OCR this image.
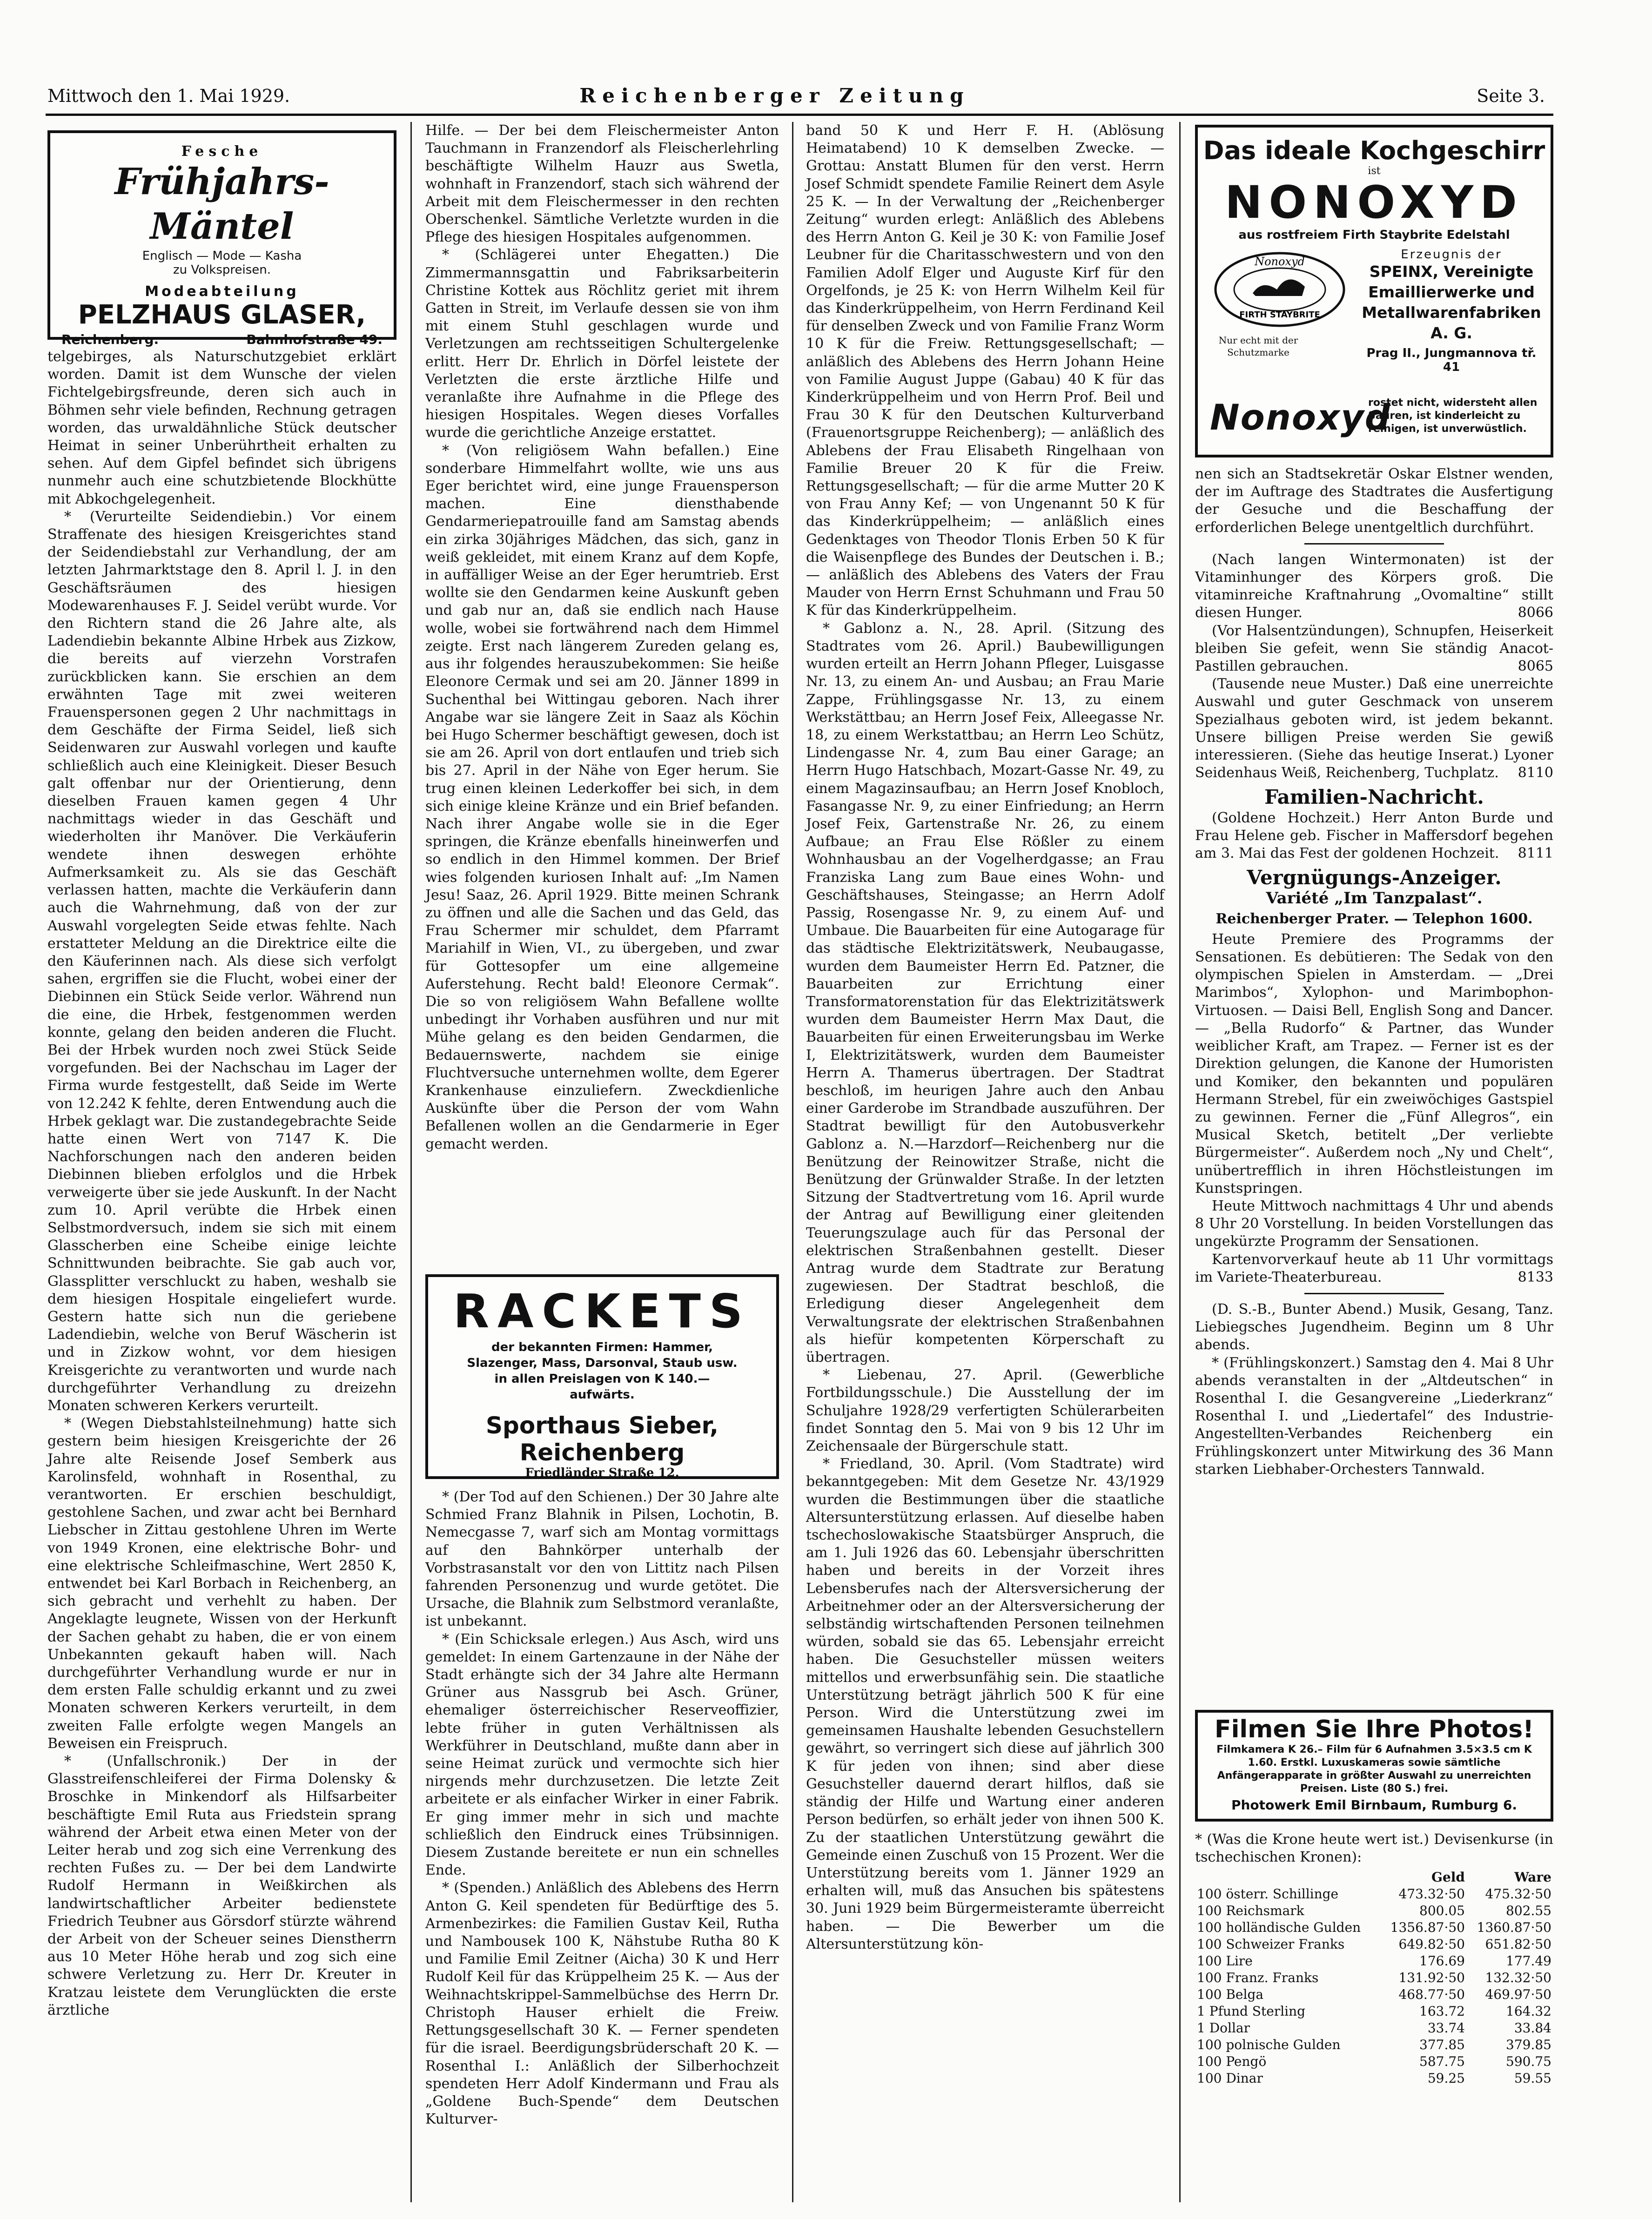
Mittwoch den 1. Mai 1929.	Reichenberger Zeitung	Seite 3.
Fesche
Frühjahrs-Mäntel
Englisch — Mode — Kasha
zu Volkspreisen.
Modeabteilung
PELZHAUS GLASER,
Reichenberg.	Bahnhofstraße 49.
RACKETS
der bekannten Firmen: Hammer, Slazenger, Mass, Darsonval, Staub usw. in allen Preislagen von K 140.— aufwärts.
Sporthaus Sieber, Reichenberg
Friedländer Straße 12.
Das ideale Kochgeschirr
ist
NONOXYD
aus rostfreiem Firth Staybrite Edelstahl
Nonoxyd
FIRTH STAYBRITE
Erzeugnis der
SPEINX, Vereinigte Emaillierwerke und Metallwarenfabriken A. G.
Prag II., Jungmannova tř. 41
Nur echt mit der Schutzmarke
Nonoxyd
rostet nicht, widersteht allen Säuren, ist kinderleicht zu reinigen, ist unverwüstlich.

telgebirges, als Naturschutzgebiet erklärt worden. Damit ist dem Wunsche der vielen Fichtelgebirgsfreunde, deren sich auch in Böhmen sehr viele befinden, Rechnung getragen worden, das urwaldähnliche Stück deutscher Heimat in seiner Unberührtheit erhalten zu sehen. Auf dem Gipfel befindet sich übrigens nunmehr auch eine schutzbietende Blockhütte mit Abkochgelegenheit.

* (Verurteilte Seidendiebin.) Vor einem Straffenate des hiesigen Kreisgerichtes stand der Seidendiebstahl zur Verhandlung, der am letzten Jahrmarktstage den 8. April l. J. in den Geschäftsräumen des hiesigen Modewarenhauses F. J. Seidel verübt wurde. Vor den Richtern stand die 26 Jahre alte, als Ladendiebin bekannte Albine Hrbek aus Zizkow, die bereits auf vierzehn Vorstrafen zurückblicken kann. Sie erschien an dem erwähnten Tage mit zwei weiteren Frauenspersonen gegen 2 Uhr nachmittags in dem Geschäfte der Firma Seidel, ließ sich Seidenwaren zur Auswahl vorlegen und kaufte schließlich auch eine Kleinigkeit. Dieser Besuch galt offenbar nur der Orientierung, denn dieselben Frauen kamen gegen 4 Uhr nachmittags wieder in das Geschäft und wiederholten ihr Manöver. Die Verkäuferin wendete ihnen deswegen erhöhte Aufmerksamkeit zu. Als sie das Geschäft verlassen hatten, machte die Verkäuferin dann auch die Wahrnehmung, daß von der zur Auswahl vorgelegten Seide etwas fehlte. Nach erstatteter Meldung an die Direktrice eilte die den Käuferinnen nach. Als diese sich verfolgt sahen, ergriffen sie die Flucht, wobei einer der Diebinnen ein Stück Seide verlor. Während nun die eine, die Hrbek, festgenommen werden konnte, gelang den beiden anderen die Flucht. Bei der Hrbek wurden noch zwei Stück Seide vorgefunden. Bei der Nachschau im Lager der Firma wurde festgestellt, daß Seide im Werte von 12.242 K fehlte, deren Entwendung auch die Hrbek geklagt war. Die zustandegebrachte Seide hatte einen Wert von 7147 K. Die Nachforschungen nach den anderen beiden Diebinnen blieben erfolglos und die Hrbek verweigerte über sie jede Auskunft. In der Nacht zum 10. April verübte die Hrbek einen Selbstmordversuch, indem sie sich mit einem Glasscherben eine Scheibe einige leichte Schnittwunden beibrachte. Sie gab auch vor, Glassplitter verschluckt zu haben, weshalb sie dem hiesigen Hospitale eingeliefert wurde. Gestern hatte sich nun die geriebene Ladendiebin, welche von Beruf Wäscherin ist und in Zizkow wohnt, vor dem hiesigen Kreisgerichte zu verantworten und wurde nach durchgeführter Verhandlung zu dreizehn Monaten schweren Kerkers verurteilt.

* (Wegen Diebstahlsteilnehmung) hatte sich gestern beim hiesigen Kreisgerichte der 26 Jahre alte Reisende Josef Semberk aus Karolinsfeld, wohnhaft in Rosenthal, zu verantworten. Er erschien beschuldigt, gestohlene Sachen, und zwar acht bei Bernhard Liebscher in Zittau gestohlene Uhren im Werte von 1949 Kronen, eine elektrische Bohr- und eine elektrische Schleifmaschine, Wert 2850 K, entwendet bei Karl Borbach in Reichenberg, an sich gebracht und verhehlt zu haben. Der Angeklagte leugnete, Wissen von der Herkunft der Sachen gehabt zu haben, die er von einem Unbekannten gekauft haben will. Nach durchgeführter Verhandlung wurde er nur in dem ersten Falle schuldig erkannt und zu zwei Monaten schweren Kerkers verurteilt, in dem zweiten Falle erfolgte wegen Mangels an Beweisen ein Freispruch.

* (Unfallschronik.) Der in der Glasstreifenschleiferei der Firma Dolensky & Broschke in Minkendorf als Hilfsarbeiter beschäftigte Emil Ruta aus Friedstein sprang während der Arbeit etwa einen Meter von der Leiter herab und zog sich eine Verrenkung des rechten Fußes zu. — Der bei dem Landwirte Rudolf Hermann in Weißkirchen als landwirtschaftlicher Arbeiter bedienstete Friedrich Teubner aus Görsdorf stürzte während der Arbeit von der Scheuer seines Dienstherrn aus 10 Meter Höhe herab und zog sich eine schwere Verletzung zu. Herr Dr. Kreuter in Kratzau leistete dem Verunglückten die erste ärztliche

Hilfe. — Der bei dem Fleischermeister Anton Tauchmann in Franzendorf als Fleischerlehrling beschäftigte Wilhelm Hauzr aus Swetla, wohnhaft in Franzendorf, stach sich während der Arbeit mit dem Fleischermesser in den rechten Oberschenkel. Sämtliche Verletzte wurden in die Pflege des hiesigen Hospitales aufgenommen.

* (Schlägerei unter Ehegatten.) Die Zimmermannsgattin und Fabriksarbeiterin Christine Kottek aus Röchlitz geriet mit ihrem Gatten in Streit, im Verlaufe dessen sie von ihm mit einem Stuhl geschlagen wurde und Verletzungen am rechtsseitigen Schultergelenke erlitt. Herr Dr. Ehrlich in Dörfel leistete der Verletzten die erste ärztliche Hilfe und veranlaßte ihre Aufnahme in die Pflege des hiesigen Hospitales. Wegen dieses Vorfalles wurde die gerichtliche Anzeige erstattet.

* (Von religiösem Wahn befallen.) Eine sonderbare Himmelfahrt wollte, wie uns aus Eger berichtet wird, eine junge Frauensperson machen. Eine diensthabende Gendarmeriepatrouille fand am Samstag abends ein zirka 30jähriges Mädchen, das sich, ganz in weiß gekleidet, mit einem Kranz auf dem Kopfe, in auffälliger Weise an der Eger herumtrieb. Erst wollte sie den Gendarmen keine Auskunft geben und gab nur an, daß sie endlich nach Hause wolle, wobei sie fortwährend nach dem Himmel zeigte. Erst nach längerem Zureden gelang es, aus ihr folgendes herauszubekommen: Sie heiße Eleonore Cermak und sei am 20. Jänner 1899 in Suchenthal bei Wittingau geboren. Nach ihrer Angabe war sie längere Zeit in Saaz als Köchin bei Hugo Schermer beschäftigt gewesen, doch ist sie am 26. April von dort entlaufen und trieb sich bis 27. April in der Nähe von Eger herum. Sie trug einen kleinen Lederkoffer bei sich, in dem sich einige kleine Kränze und ein Brief befanden. Nach ihrer Angabe wolle sie in die Eger springen, die Kränze ebenfalls hineinwerfen und so endlich in den Himmel kommen. Der Brief wies folgenden kuriosen Inhalt auf: „Im Namen Jesu! Saaz, 26. April 1929. Bitte meinen Schrank zu öffnen und alle die Sachen und das Geld, das Frau Schermer mir schuldet, dem Pfarramt Mariahilf in Wien, VI., zu übergeben, und zwar für Gottesopfer um eine allgemeine Auferstehung. Recht bald! Eleonore Cermak“. Die so von religiösem Wahn Befallene wollte unbedingt ihr Vorhaben ausführen und nur mit Mühe gelang es den beiden Gendarmen, die Bedauernswerte, nachdem sie einige Fluchtversuche unternehmen wollte, dem Egerer Krankenhause einzuliefern. Zweckdienliche Auskünfte über die Person der vom Wahn Befallenen wollen an die Gendarmerie in Eger gemacht werden.

* (Der Tod auf den Schienen.) Der 30 Jahre alte Schmied Franz Blahnik in Pilsen, Lochotin, B. Nemecgasse 7, warf sich am Montag vormittags auf den Bahnkörper unterhalb der Vorbstrasanstalt vor den von Littitz nach Pilsen fahrenden Personenzug und wurde getötet. Die Ursache, die Blahnik zum Selbstmord veranlaßte, ist unbekannt.

* (Ein Schicksale erlegen.) Aus Asch, wird uns gemeldet: In einem Gartenzaune in der Nähe der Stadt erhängte sich der 34 Jahre alte Hermann Grüner aus Nassgrub bei Asch. Grüner, ehemaliger österreichischer Reserveoffizier, lebte früher in guten Verhältnissen als Werkführer in Deutschland, mußte dann aber in seine Heimat zurück und vermochte sich hier nirgends mehr durchzusetzen. Die letzte Zeit arbeitete er als einfacher Wirker in einer Fabrik. Er ging immer mehr in sich und machte schließlich den Eindruck eines Trübsinnigen. Diesem Zustande bereitete er nun ein schnelles Ende.

* (Spenden.) Anläßlich des Ablebens des Herrn Anton G. Keil spendeten für Bedürftige des 5. Armenbezirkes: die Familien Gustav Keil, Rutha und Nambousek 100 K, Nähstube Rutha 80 K und Familie Emil Zeitner (Aicha) 30 K und Herr Rudolf Keil für das Krüppelheim 25 K. — Aus der Weihnachtskrippel-Sammelbüchse des Herrn Dr. Christoph Hauser erhielt die Freiw. Rettungsgesellschaft 30 K. — Ferner spendeten für die israel. Beerdigungsbrüderschaft 20 K. — Rosenthal I.: Anläßlich der Silberhochzeit spendeten Herr Adolf Kindermann und Frau als „Goldene Buch-Spende“ dem Deutschen Kulturver-

band 50 K und Herr F. H. (Ablösung Heimatabend) 10 K demselben Zwecke. — Grottau: Anstatt Blumen für den verst. Herrn Josef Schmidt spendete Familie Reinert dem Asyle 25 K. — In der Verwaltung der „Reichenberger Zeitung“ wurden erlegt: Anläßlich des Ablebens des Herrn Anton G. Keil je 30 K: von Familie Josef Leubner für die Charitasschwestern und von den Familien Adolf Elger und Auguste Kirf für den Orgelfonds, je 25 K: von Herrn Wilhelm Keil für das Kinderkrüppelheim, von Herrn Ferdinand Keil für denselben Zweck und von Familie Franz Worm 10 K für die Freiw. Rettungsgesellschaft; — anläßlich des Ablebens des Herrn Johann Heine von Familie August Juppe (Gabau) 40 K für das Kinderkrüppelheim und von Herrn Prof. Beil und Frau 30 K für den Deutschen Kulturverband (Frauenortsgruppe Reichenberg); — anläßlich des Ablebens der Frau Elisabeth Ringelhaan von Familie Breuer 20 K für die Freiw. Rettungsgesellschaft; — für die arme Mutter 20 K von Frau Anny Kef; — von Ungenannt 50 K für das Kinderkrüppelheim; — anläßlich eines Gedenktages von Theodor Tlonis Erben 50 K für die Waisenpflege des Bundes der Deutschen i. B.; — anläßlich des Ablebens des Vaters der Frau Mauder von Herrn Ernst Schuhmann und Frau 50 K für das Kinderkrüppelheim.

* Gablonz a. N., 28. April. (Sitzung des Stadtrates vom 26. April.) Baubewilligungen wurden erteilt an Herrn Johann Pfleger, Luisgasse Nr. 13, zu einem An- und Ausbau; an Frau Marie Zappe, Frühlingsgasse Nr. 13, zu einem Werkstättbau; an Herrn Josef Feix, Alleegasse Nr. 18, zu einem Werkstattbau; an Herrn Leo Schütz, Lindengasse Nr. 4, zum Bau einer Garage; an Herrn Hugo Hatschbach, Mozart-Gasse Nr. 49, zu einem Magazinsaufbau; an Herrn Josef Knobloch, Fasangasse Nr. 9, zu einer Einfriedung; an Herrn Josef Feix, Gartenstraße Nr. 26, zu einem Aufbaue; an Frau Else Rößler zu einem Wohnhausbau an der Vogelherdgasse; an Frau Franziska Lang zum Baue eines Wohn- und Geschäftshauses, Steingasse; an Herrn Adolf Passig, Rosengasse Nr. 9, zu einem Auf- und Umbaue. Die Bauarbeiten für eine Autogarage für das städtische Elektrizitätswerk, Neubaugasse, wurden dem Baumeister Herrn Ed. Patzner, die Bauarbeiten zur Errichtung einer Transformatorenstation für das Elektrizitätswerk wurden dem Baumeister Herrn Max Daut, die Bauarbeiten für einen Erweiterungsbau im Werke I, Elektrizitätswerk, wurden dem Baumeister Herrn A. Thamerus übertragen. Der Stadtrat beschloß, im heurigen Jahre auch den Anbau einer Garderobe im Strandbade auszuführen. Der Stadtrat bewilligt für den Autobusverkehr Gablonz a. N.—Harzdorf—Reichenberg nur die Benützung der Reinowitzer Straße, nicht die Benützung der Grünwalder Straße. In der letzten Sitzung der Stadtvertretung vom 16. April wurde der Antrag auf Bewilligung einer gleitenden Teuerungszulage auch für das Personal der elektrischen Straßenbahnen gestellt. Dieser Antrag wurde dem Stadtrate zur Beratung zugewiesen. Der Stadtrat beschloß, die Erledigung dieser Angelegenheit dem Verwaltungsrate der elektrischen Straßenbahnen als hiefür kompetenten Körperschaft zu übertragen.

* Liebenau, 27. April. (Gewerbliche Fortbildungsschule.) Die Ausstellung der im Schuljahre 1928/29 verfertigten Schülerarbeiten findet Sonntag den 5. Mai von 9 bis 12 Uhr im Zeichensaale der Bürgerschule statt.

* Friedland, 30. April. (Vom Stadtrate) wird bekanntgegeben: Mit dem Gesetze Nr. 43/1929 wurden die Bestimmungen über die staatliche Altersunterstützung erlassen. Auf dieselbe haben tschechoslowakische Staatsbürger Anspruch, die am 1. Juli 1926 das 60. Lebensjahr überschritten haben und bereits in der Vorzeit ihres Lebensberufes nach der Altersversicherung der Arbeitnehmer oder an der Altersversicherung der selbständig wirtschaftenden Personen teilnehmen würden, sobald sie das 65. Lebensjahr erreicht haben. Die Gesuchsteller müssen weiters mittellos und erwerbsunfähig sein. Die staatliche Unterstützung beträgt jährlich 500 K für eine Person. Wird die Unterstützung zwei im gemeinsamen Haushalte lebenden Gesuchstellern gewährt, so verringert sich diese auf jährlich 300 K für jeden von ihnen; sind aber diese Gesuchsteller dauernd derart hilflos, daß sie ständig der Hilfe und Wartung einer anderen Person bedürfen, so erhält jeder von ihnen 500 K. Zu der staatlichen Unterstützung gewährt die Gemeinde einen Zuschuß von 15 Prozent. Wer die Unterstützung bereits vom 1. Jänner 1929 an erhalten will, muß das Ansuchen bis spätestens 30. Juni 1929 beim Bürgermeisteramte überreicht haben. — Die Bewerber um die Altersunterstützung kön-

nen sich an Stadtsekretär Oskar Elstner wenden, der im Auftrage des Stadtrates die Ausfertigung der Gesuche und die Beschaffung der erforderlichen Belege unentgeltlich durchführt.

(Nach langen Wintermonaten) ist der Vitaminhunger des Körpers groß. Die vitaminreiche Kraftnahrung „Ovomaltine“ stillt diesen Hunger.	8066

(Vor Halsentzündungen), Schnupfen, Heiserkeit bleiben Sie gefeit, wenn Sie ständig Anacot-Pastillen gebrauchen.	8065

(Tausende neue Muster.) Daß eine unerreichte Auswahl und guter Geschmack von unserem Spezialhaus geboten wird, ist jedem bekannt. Unsere billigen Preise werden Sie gewiß interessieren. (Siehe das heutige Inserat.) Lyoner Seidenhaus Weiß, Reichenberg, Tuchplatz.	8110

Familien-Nachricht.

(Goldene Hochzeit.) Herr Anton Burde und Frau Helene geb. Fischer in Maffersdorf begehen am 3. Mai das Fest der goldenen Hochzeit.	8111

Vergnügungs-Anzeiger.
Variété „Im Tanzpalast“.
Reichenberger Prater. — Telephon 1600.

Heute Premiere des Programms der Sensationen. Es debütieren: The Sedak von den olympischen Spielen in Amsterdam. — „Drei Marimbos“, Xylophon- und Marimbophon-Virtuosen. — Daisi Bell, English Song and Dancer. — „Bella Rudorfo“ & Partner, das Wunder weiblicher Kraft, am Trapez. — Ferner ist es der Direktion gelungen, die Kanone der Humoristen und Komiker, den bekannten und populären Hermann Strebel, für ein zweiwöchiges Gastspiel zu gewinnen. Ferner die „Fünf Allegros“, ein Musical Sketch, betitelt „Der verliebte Bürgermeister“. Außerdem noch „Ny und Chelt“, unübertrefflich in ihren Höchstleistungen im Kunstspringen.

Heute Mittwoch nachmittags 4 Uhr und abends 8 Uhr 20 Vorstellung. In beiden Vorstellungen das ungekürzte Programm der Sensationen.

Kartenvorverkauf heute ab 11 Uhr vormittags im Variete-Theaterbureau.	8133

(D. S.-B., Bunter Abend.) Musik, Gesang, Tanz. Liebiegsches Jugendheim. Beginn um 8 Uhr abends.

* (Frühlingskonzert.) Samstag den 4. Mai 8 Uhr abends veranstalten in der „Altdeutschen“ in Rosenthal I. die Gesangvereine „Liederkranz“ Rosenthal I. und „Liedertafel“ des Industrie-Angestellten-Verbandes Reichenberg ein Frühlingskonzert unter Mitwirkung des 36 Mann starken Liebhaber-Orchesters Tannwald.

Filmen Sie Ihre Photos!
Filmkamera K 26.– Film für 6 Aufnahmen 3.5×3.5 cm K 1.60. Erstkl. Luxuskameras sowie sämtliche Anfängerapparate in größter Auswahl zu unerreichten Preisen. Liste (80 S.) frei.
Photowerk Emil Birnbaum, Rumburg 6.

* (Was die Krone heute wert ist.) Devisenkurse (in tschechischen Kronen):

	Geld	Ware
100 österr. Schillinge	473.32·50	475.32·50
100 Reichsmark	800.05	802.55
100 holländische Gulden	1356.87·50	1360.87·50
100 Schweizer Franks	649.82·50	651.82·50
100 Lire	176.69	177.49
100 Franz. Franks	131.92·50	132.32·50
100 Belga	468.77·50	469.97·50
1 Pfund Sterling	163.72	164.32
1 Dollar	33.74	33.84
100 polnische Gulden	377.85	379.85
100 Pengö	587.75	590.75
100 Dinar	59.25	59.55
